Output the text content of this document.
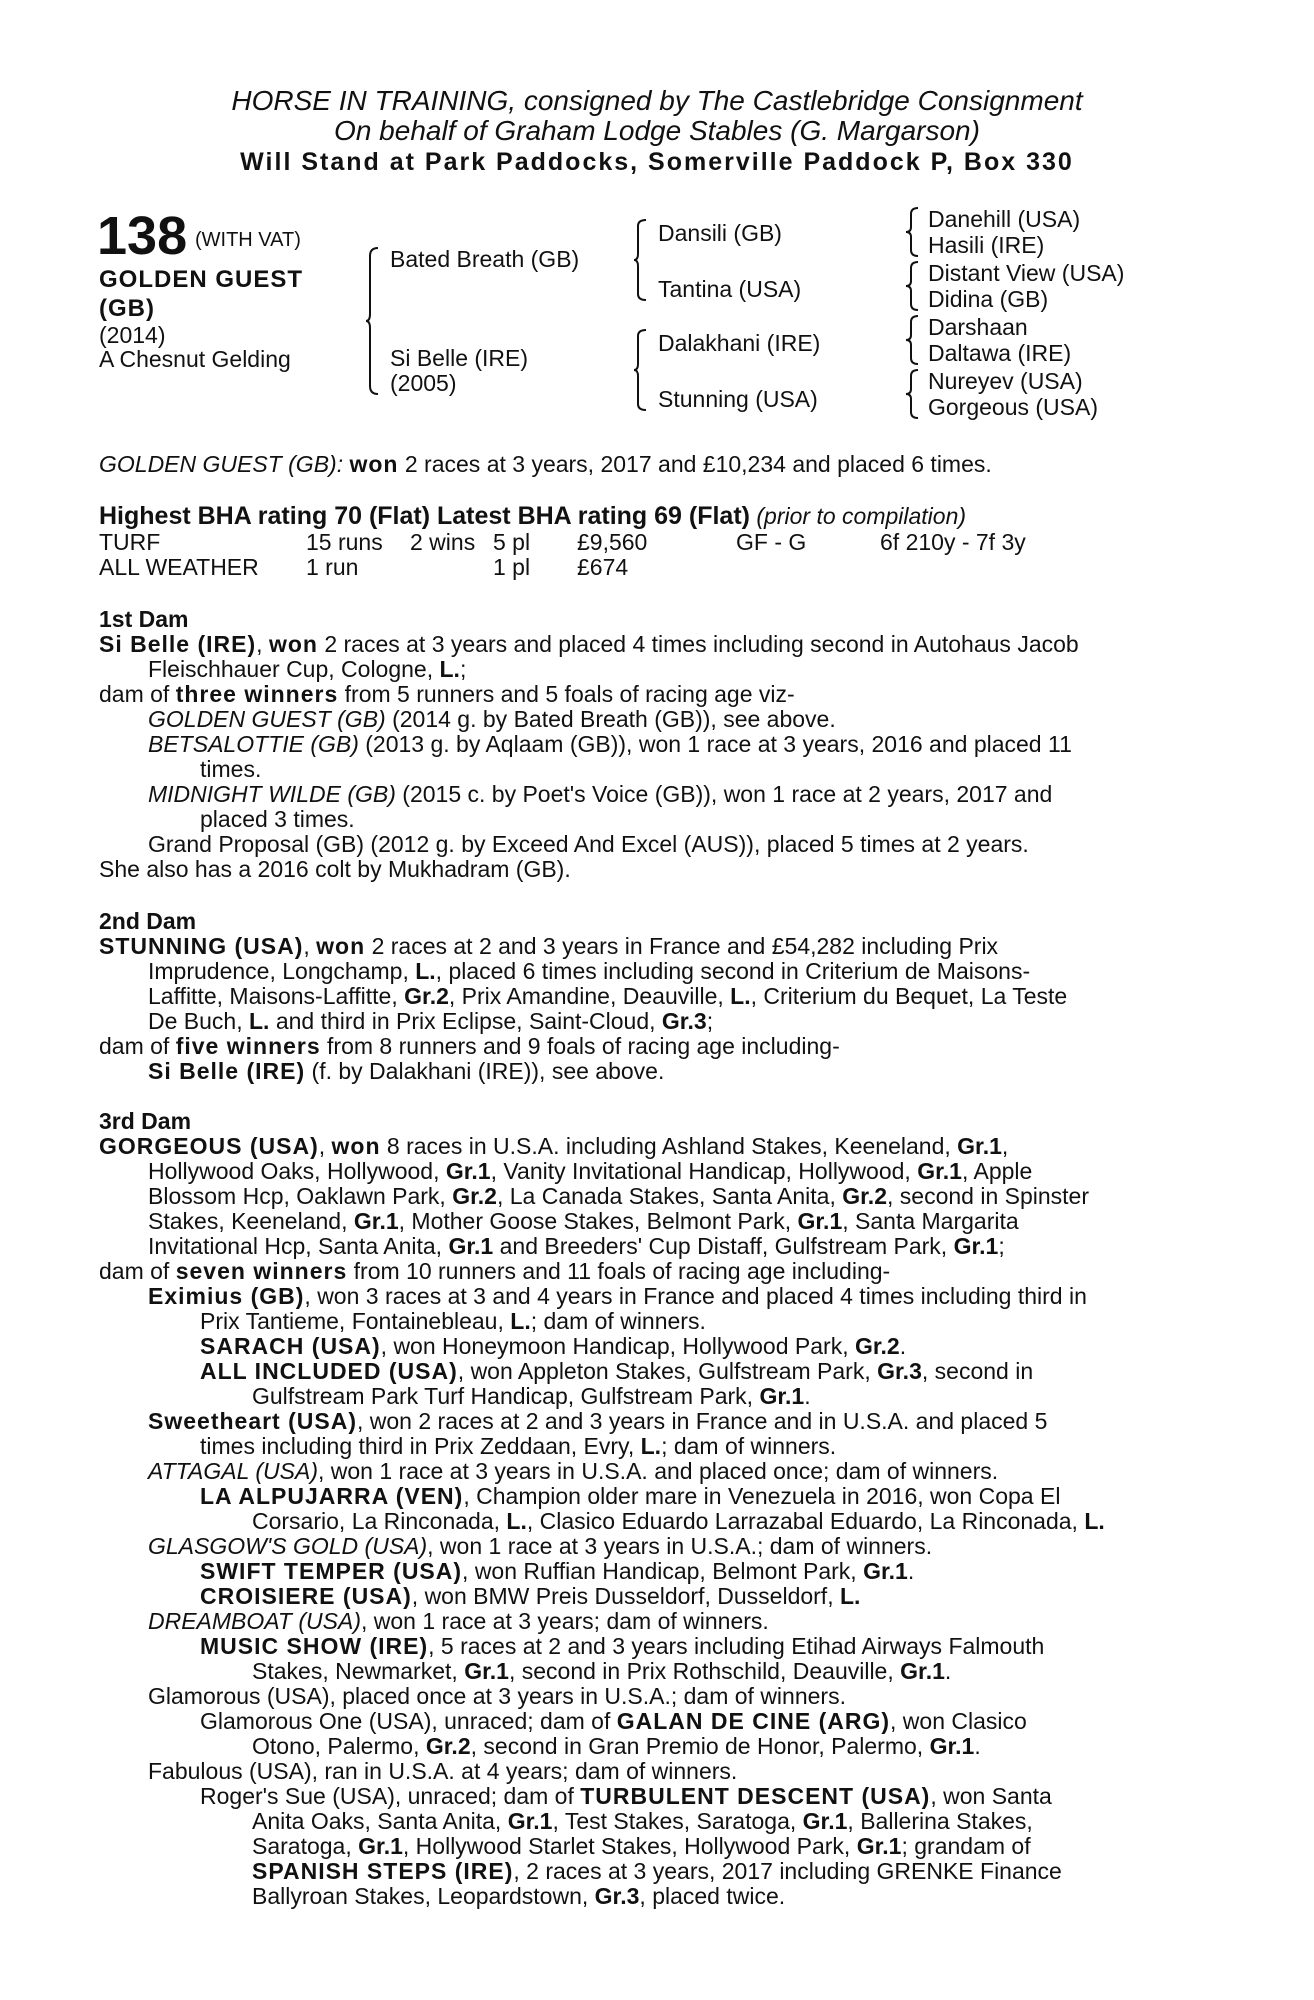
HORSE IN TRAINING, consigned by The Castlebridge Consignment
On behalf of Graham Lodge Stables (G. Margarson)
Will Stand at Park Paddocks, Somerville Paddock P, Box 330
138 (WITH VAT)
GOLDEN GUEST (GB)
(2014)
A Chesnut Gelding
Bated Breath (GB)
Si Belle (IRE)
(2005)
Dansili (GB)
Tantina (USA)
Dalakhani (IRE)
Stunning (USA)
Danehill (USA)
Hasili (IRE)
Distant View (USA)
Didina (GB)
Darshaan
Daltawa (IRE)
Nureyev (USA)
Gorgeous (USA)
GOLDEN GUEST (GB): won 2 races at 3 years, 2017 and £10,234 and placed 6 times.
Highest BHA rating 70 (Flat) Latest BHA rating 69 (Flat) (prior to compilation)
TURF	15 runs 2 wins 5 pl £9,560	GF - G	6f 210y - 7f 3y
ALL WEATHER 1 run	1 pl £674
1st Dam
Si Belle (IRE), won 2 races at 3 years and placed 4 times including second in Autohaus Jacob
Fleischhauer Cup, Cologne, L.;
dam of three winners from 5 runners and 5 foals of racing age viz-
GOLDEN GUEST (GB) (2014 g. by Bated Breath (GB)), see above.
BETSALOTTIE (GB) (2013 g. by Aqlaam (GB)), won 1 race at 3 years, 2016 and placed 11
times.
MIDNIGHT WILDE (GB) (2015 c. by Poet's Voice (GB)), won 1 race at 2 years, 2017 and
placed 3 times.
Grand Proposal (GB) (2012 g. by Exceed And Excel (AUS)), placed 5 times at 2 years.
She also has a 2016 colt by Mukhadram (GB).
2nd Dam
STUNNING (USA), won 2 races at 2 and 3 years in France and £54,282 including Prix
Imprudence, Longchamp, L., placed 6 times including second in Criterium de Maisons-
Laffitte, Maisons-Laffitte, Gr.2, Prix Amandine, Deauville, L., Criterium du Bequet, La Teste
De Buch, L. and third in Prix Eclipse, Saint-Cloud, Gr.3;
dam of five winners from 8 runners and 9 foals of racing age including-
Si Belle (IRE) (f. by Dalakhani (IRE)), see above.
3rd Dam
GORGEOUS (USA), won 8 races in U.S.A. including Ashland Stakes, Keeneland, Gr.1,
Hollywood Oaks, Hollywood, Gr.1, Vanity Invitational Handicap, Hollywood, Gr.1, Apple
Blossom Hcp, Oaklawn Park, Gr.2, La Canada Stakes, Santa Anita, Gr.2, second in Spinster
Stakes, Keeneland, Gr.1, Mother Goose Stakes, Belmont Park, Gr.1, Santa Margarita
Invitational Hcp, Santa Anita, Gr.1 and Breeders' Cup Distaff, Gulfstream Park, Gr.1;
dam of seven winners from 10 runners and 11 foals of racing age including-
Eximius (GB), won 3 races at 3 and 4 years in France and placed 4 times including third in
Prix Tantieme, Fontainebleau, L.; dam of winners.
SARACH (USA), won Honeymoon Handicap, Hollywood Park, Gr.2.
ALL INCLUDED (USA), won Appleton Stakes, Gulfstream Park, Gr.3, second in
Gulfstream Park Turf Handicap, Gulfstream Park, Gr.1.
Sweetheart (USA), won 2 races at 2 and 3 years in France and in U.S.A. and placed 5
times including third in Prix Zeddaan, Evry, L.; dam of winners.
ATTAGAL (USA), won 1 race at 3 years in U.S.A. and placed once; dam of winners.
LA ALPUJARRA (VEN), Champion older mare in Venezuela in 2016, won Copa El
Corsario, La Rinconada, L., Clasico Eduardo Larrazabal Eduardo, La Rinconada, L.
GLASGOW'S GOLD (USA), won 1 race at 3 years in U.S.A.; dam of winners.
SWIFT TEMPER (USA), won Ruffian Handicap, Belmont Park, Gr.1.
CROISIERE (USA), won BMW Preis Dusseldorf, Dusseldorf, L.
DREAMBOAT (USA), won 1 race at 3 years; dam of winners.
MUSIC SHOW (IRE), 5 races at 2 and 3 years including Etihad Airways Falmouth
Stakes, Newmarket, Gr.1, second in Prix Rothschild, Deauville, Gr.1.
Glamorous (USA), placed once at 3 years in U.S.A.; dam of winners.
Glamorous One (USA), unraced; dam of GALAN DE CINE (ARG), won Clasico
Otono, Palermo, Gr.2, second in Gran Premio de Honor, Palermo, Gr.1.
Fabulous (USA), ran in U.S.A. at 4 years; dam of winners.
Roger's Sue (USA), unraced; dam of TURBULENT DESCENT (USA), won Santa
Anita Oaks, Santa Anita, Gr.1, Test Stakes, Saratoga, Gr.1, Ballerina Stakes,
Saratoga, Gr.1, Hollywood Starlet Stakes, Hollywood Park, Gr.1; grandam of
SPANISH STEPS (IRE), 2 races at 3 years, 2017 including GRENKE Finance
Ballyroan Stakes, Leopardstown, Gr.3, placed twice.
